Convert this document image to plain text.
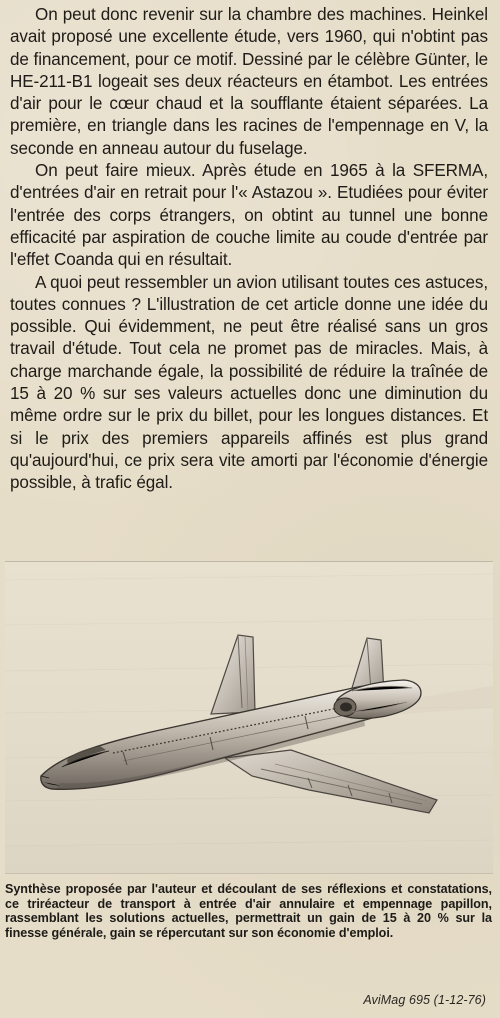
On peut donc revenir sur la chambre des machines. Heinkel avait proposé une excellente étude, vers 1960, qui n'obtint pas de financement, pour ce motif. Dessiné par le célèbre Günter, le HE-211-B1 logeait ses deux réacteurs en étambot. Les entrées d'air pour le cœur chaud et la soufflante étaient séparées. La première, en triangle dans les racines de l'empennage en V, la seconde en anneau autour du fuselage.

On peut faire mieux. Après étude en 1965 à la SFERMA, d'entrées d'air en retrait pour l'« Astazou ». Etudiées pour éviter l'entrée des corps étrangers, on obtint au tunnel une bonne efficacité par aspiration de couche limite au coude d'entrée par l'effet Coanda qui en résultait.

A quoi peut ressembler un avion utilisant toutes ces astuces, toutes connues ? L'illustration de cet article donne une idée du possible. Qui évidemment, ne peut être réalisé sans un gros travail d'étude. Tout cela ne promet pas de miracles. Mais, à charge marchande égale, la possibilité de réduire la traînée de 15 à 20 % sur ses valeurs actuelles donc une diminution du même ordre sur le prix du billet, pour les longues distances. Et si le prix des premiers appareils affinés est plus grand qu'aujourd'hui, ce prix sera vite amorti par l'économie d'énergie possible, à trafic égal.

Synthèse proposée par l'auteur et découlant de ses réflexions et constatations, ce triréacteur de transport à entrée d'air annulaire et empennage papillon, rassemblant les solutions actuelles, permettrait un gain de 15 à 20 % sur la finesse générale, gain se répercutant sur son économie d'emploi.

AviMag 695 (1-12-76)
